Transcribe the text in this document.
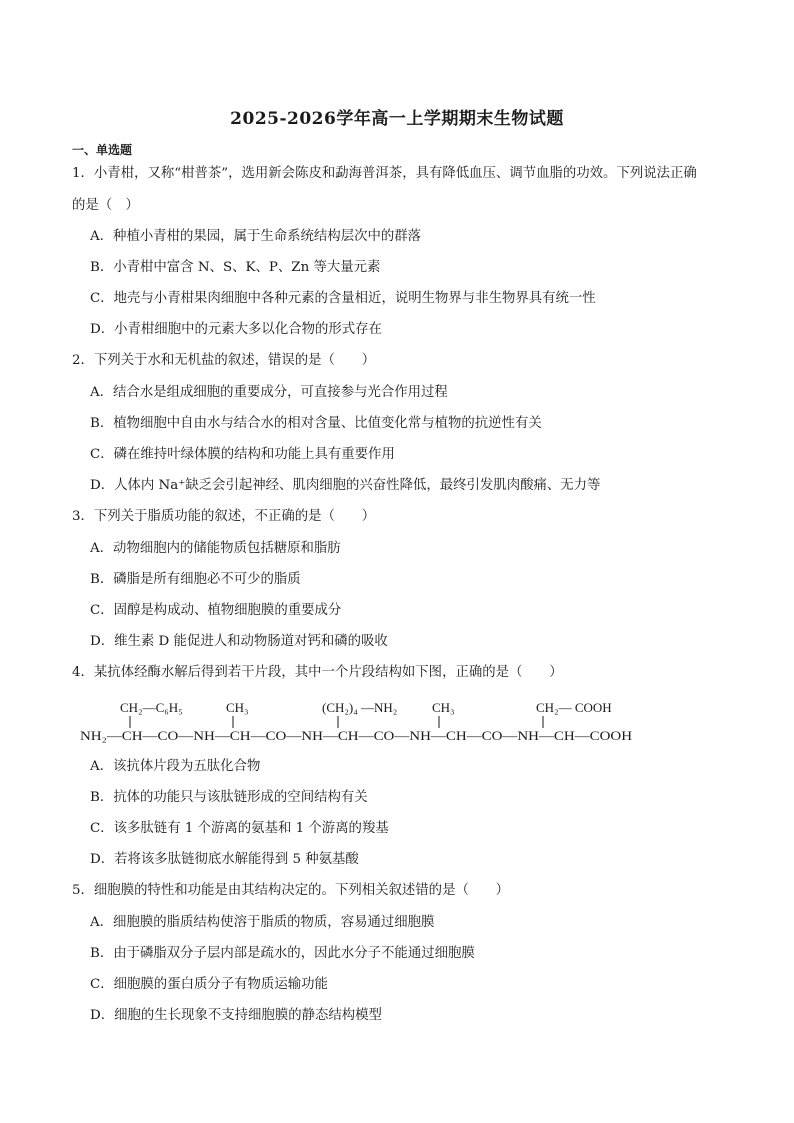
2025-2026学年高一上学期期末生物试题
一、单选题
1．小青柑，又称“柑普茶”，选用新会陈皮和勐海普洱茶，具有降低血压、调节血脂的功效。下列说法正确
的是（　）
A．种植小青柑的果园，属于生命系统结构层次中的群落
B．小青柑中富含 N、S、K、P、Zn 等大量元素
C．地壳与小青柑果肉细胞中各种元素的含量相近，说明生物界与非生物界具有统一性
D．小青柑细胞中的元素大多以化合物的形式存在
2．下列关于水和无机盐的叙述，错误的是（　　）
A．结合水是组成细胞的重要成分，可直接参与光合作用过程
B．植物细胞中自由水与结合水的相对含量、比值变化常与植物的抗逆性有关
C．磷在维持叶绿体膜的结构和功能上具有重要作用
D．人体内 Na⁺缺乏会引起神经、肌肉细胞的兴奋性降低，最终引发肌肉酸痛、无力等
3．下列关于脂质功能的叙述，不正确的是（　　）
A．动物细胞内的储能物质包括糖原和脂肪
B．磷脂是所有细胞必不可少的脂质
C．固醇是构成动、植物细胞膜的重要成分
D．维生素 D 能促进人和动物肠道对钙和磷的吸收
4．某抗体经酶水解后得到若干片段，其中一个片段结构如下图，正确的是（　　）
CH₂—C₆H₅	CH₃	(CH₂)₄ —NH₂	CH₃	CH₂— COOH
NH₂—CH—CO—NH—CH—CO—NH—CH—CO—NH—CH—CO—NH—CH—COOH
A．该抗体片段为五肽化合物
B．抗体的功能只与该肽链形成的空间结构有关
C．该多肽链有 1 个游离的氨基和 1 个游离的羧基
D．若将该多肽链彻底水解能得到 5 种氨基酸
5．细胞膜的特性和功能是由其结构决定的。下列相关叙述错的是（　　）
A．细胞膜的脂质结构使溶于脂质的物质，容易通过细胞膜
B．由于磷脂双分子层内部是疏水的，因此水分子不能通过细胞膜
C．细胞膜的蛋白质分子有物质运输功能
D．细胞的生长现象不支持细胞膜的静态结构模型
